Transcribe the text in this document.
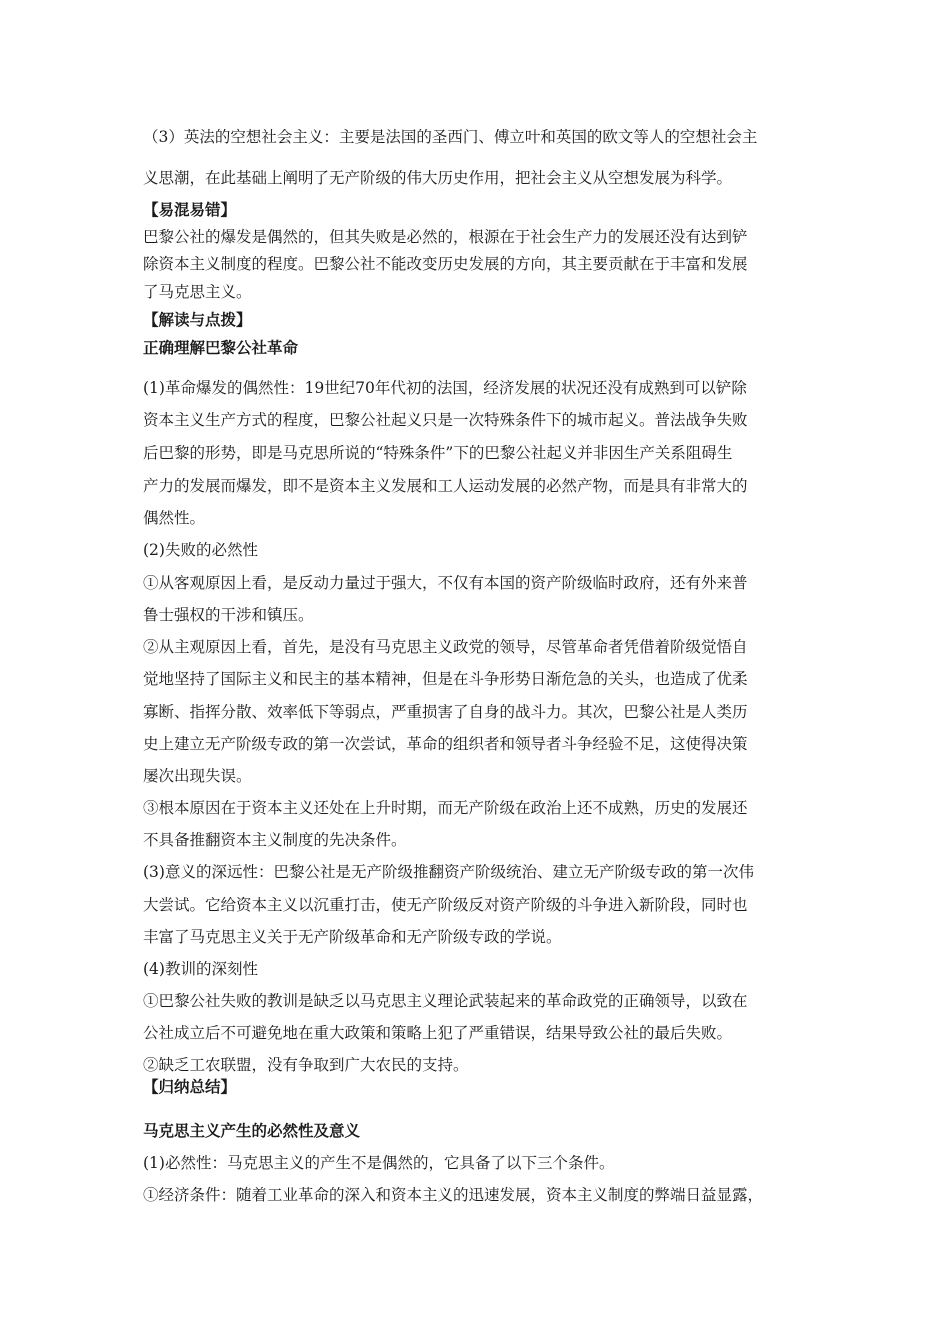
（3）英法的空想社会主义：主要是法国的圣西门、傅立叶和英国的欧文等人的空想社会主
义思潮，在此基础上阐明了无产阶级的伟大历史作用，把社会主义从空想发展为科学。
【易混易错】
巴黎公社的爆发是偶然的，但其失败是必然的，根源在于社会生产力的发展还没有达到铲
除资本主义制度的程度。巴黎公社不能改变历史发展的方向，其主要贡献在于丰富和发展
了马克思主义。
【解读与点拨】
正确理解巴黎公社革命
(1)革命爆发的偶然性：19世纪70年代初的法国，经济发展的状况还没有成熟到可以铲除
资本主义生产方式的程度，巴黎公社起义只是一次特殊条件下的城市起义。普法战争失败
后巴黎的形势，即是马克思所说的“特殊条件”下的巴黎公社起义并非因生产关系阻碍生
产力的发展而爆发，即不是资本主义发展和工人运动发展的必然产物，而是具有非常大的
偶然性。
(2)失败的必然性
①从客观原因上看，是反动力量过于强大，不仅有本国的资产阶级临时政府，还有外来普
鲁士强权的干涉和镇压。
②从主观原因上看，首先，是没有马克思主义政党的领导，尽管革命者凭借着阶级觉悟自
觉地坚持了国际主义和民主的基本精神，但是在斗争形势日渐危急的关头，也造成了优柔
寡断、指挥分散、效率低下等弱点，严重损害了自身的战斗力。其次，巴黎公社是人类历
史上建立无产阶级专政的第一次尝试，革命的组织者和领导者斗争经验不足，这使得决策
屡次出现失误。
③根本原因在于资本主义还处在上升时期，而无产阶级在政治上还不成熟，历史的发展还
不具备推翻资本主义制度的先决条件。
(3)意义的深远性：巴黎公社是无产阶级推翻资产阶级统治、建立无产阶级专政的第一次伟
大尝试。它给资本主义以沉重打击，使无产阶级反对资产阶级的斗争进入新阶段，同时也
丰富了马克思主义关于无产阶级革命和无产阶级专政的学说。
(4)教训的深刻性
①巴黎公社失败的教训是缺乏以马克思主义理论武装起来的革命政党的正确领导，以致在
公社成立后不可避免地在重大政策和策略上犯了严重错误，结果导致公社的最后失败。
②缺乏工农联盟，没有争取到广大农民的支持。
【归纳总结】
马克思主义产生的必然性及意义
(1)必然性：马克思主义的产生不是偶然的，它具备了以下三个条件。
①经济条件：随着工业革命的深入和资本主义的迅速发展，资本主义制度的弊端日益显露，
